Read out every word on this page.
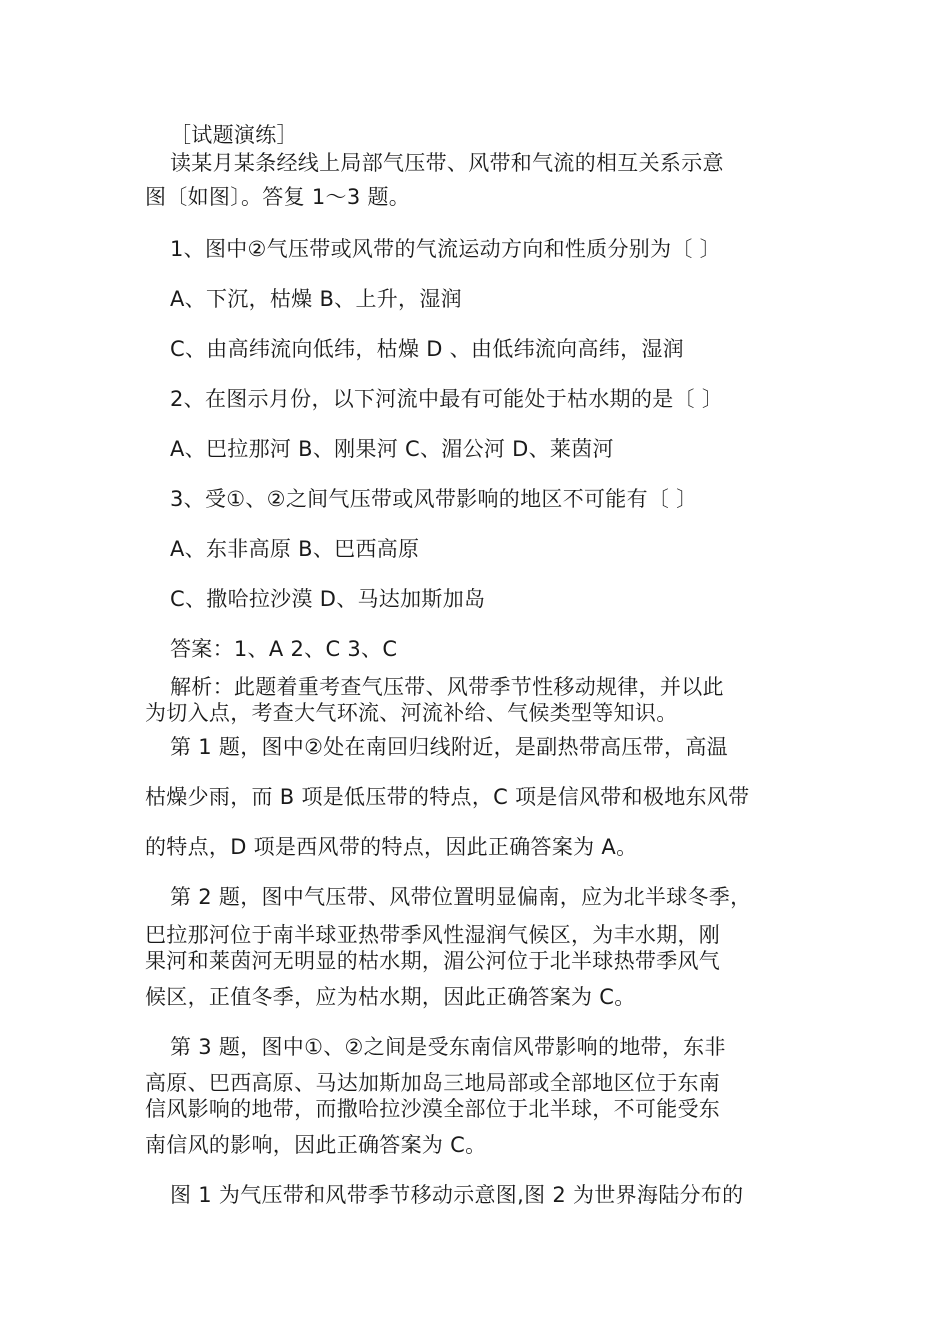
［试题演练］
读某月某条经线上局部气压带、风带和气流的相互关系示意
图〔如图〕。答复 1～3 题。
1、图中②气压带或风带的气流运动方向和性质分别为〔 〕
A、下沉，枯燥 B、上升，湿润
C、由高纬流向低纬，枯燥 D 、由低纬流向高纬，湿润
2、在图示月份，以下河流中最有可能处于枯水期的是〔 〕
A、巴拉那河 B、刚果河 C、湄公河 D、莱茵河
3、受①、②之间气压带或风带影响的地区不可能有〔 〕
A、东非高原 B、巴西高原
C、撒哈拉沙漠 D、马达加斯加岛
答案：1、A 2、C 3、C
解析：此题着重考查气压带、风带季节性移动规律，并以此
为切入点，考查大气环流、河流补给、气候类型等知识。
第 1 题，图中②处在南回归线附近，是副热带高压带，高温
枯燥少雨，而 B 项是低压带的特点，C 项是信风带和极地东风带
的特点，D 项是西风带的特点，因此正确答案为 A。
第 2 题，图中气压带、风带位置明显偏南，应为北半球冬季，
巴拉那河位于南半球亚热带季风性湿润气候区，为丰水期，刚
果河和莱茵河无明显的枯水期，湄公河位于北半球热带季风气
候区，正值冬季，应为枯水期，因此正确答案为 C。
第 3 题，图中①、②之间是受东南信风带影响的地带，东非
高原、巴西高原、马达加斯加岛三地局部或全部地区位于东南
信风影响的地带，而撒哈拉沙漠全部位于北半球，不可能受东
南信风的影响，因此正确答案为 C。
图 1 为气压带和风带季节移动示意图,图 2 为世界海陆分布的
